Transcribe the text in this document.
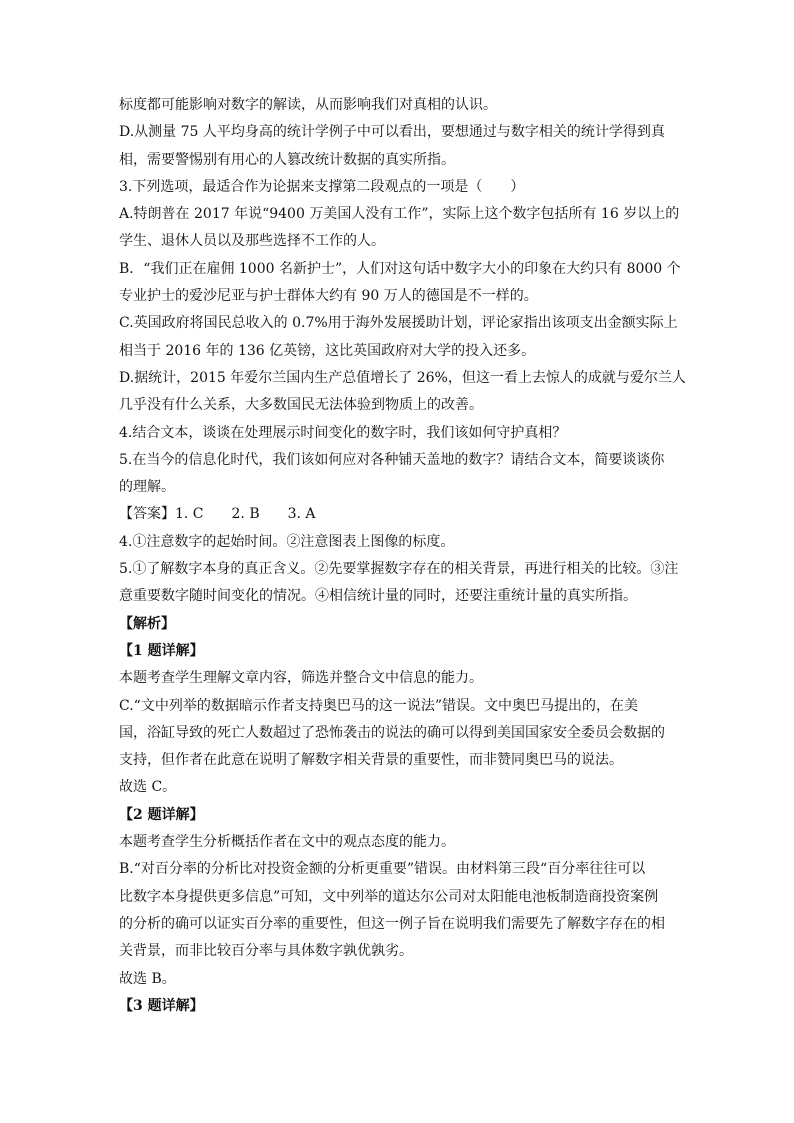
标度都可能影响对数字的解读，从而影响我们对真相的认识。
D.从测量 75 人平均身高的统计学例子中可以看出，要想通过与数字相关的统计学得到真
相，需要警惕别有用心的人篡改统计数据的真实所指。
3.下列选项，最适合作为论据来支撑第二段观点的一项是（　　）
A.特朗普在 2017 年说“9400 万美国人没有工作”，实际上这个数字包括所有 16 岁以上的
学生、退休人员以及那些选择不工作的人。
B．“我们正在雇佣 1000 名新护士”，人们对这句话中数字大小的印象在大约只有 8000 个
专业护士的爱沙尼亚与护士群体大约有 90 万人的德国是不一样的。
C.英国政府将国民总收入的 0.7%用于海外发展援助计划，评论家指出该项支出金额实际上
相当于 2016 年的 136 亿英镑，这比英国政府对大学的投入还多。
D.据统计，2015 年爱尔兰国内生产总值增长了 26%，但这一看上去惊人的成就与爱尔兰人
几乎没有什么关系，大多数国民无法体验到物质上的改善。
4.结合文本，谈谈在处理展示时间变化的数字时，我们该如何守护真相？
5.在当今的信息化时代，我们该如何应对各种铺天盖地的数字？请结合文本，简要谈谈你
的理解。
【答案】1. C　　2. B　　3. A
4.①注意数字的起始时间。②注意图表上图像的标度。
5.①了解数字本身的真正含义。②先要掌握数字存在的相关背景，再进行相关的比较。③注
意重要数字随时间变化的情况。④相信统计量的同时，还要注重统计量的真实所指。
【解析】
【1 题详解】
本题考查学生理解文章内容，筛选并整合文中信息的能力。
C.“文中列举的数据暗示作者支持奥巴马的这一说法”错误。文中奥巴马提出的，在美
国，浴缸导致的死亡人数超过了恐怖袭击的说法的确可以得到美国国家安全委员会数据的
支持，但作者在此意在说明了解数字相关背景的重要性，而非赞同奥巴马的说法。
故选 C。
【2 题详解】
本题考查学生分析概括作者在文中的观点态度的能力。
B.“对百分率的分析比对投资金额的分析更重要”错误。由材料第三段“百分率往往可以
比数字本身提供更多信息”可知，文中列举的道达尔公司对太阳能电池板制造商投资案例
的分析的确可以证实百分率的重要性，但这一例子旨在说明我们需要先了解数字存在的相
关背景，而非比较百分率与具体数字孰优孰劣。
故选 B。
【3 题详解】
